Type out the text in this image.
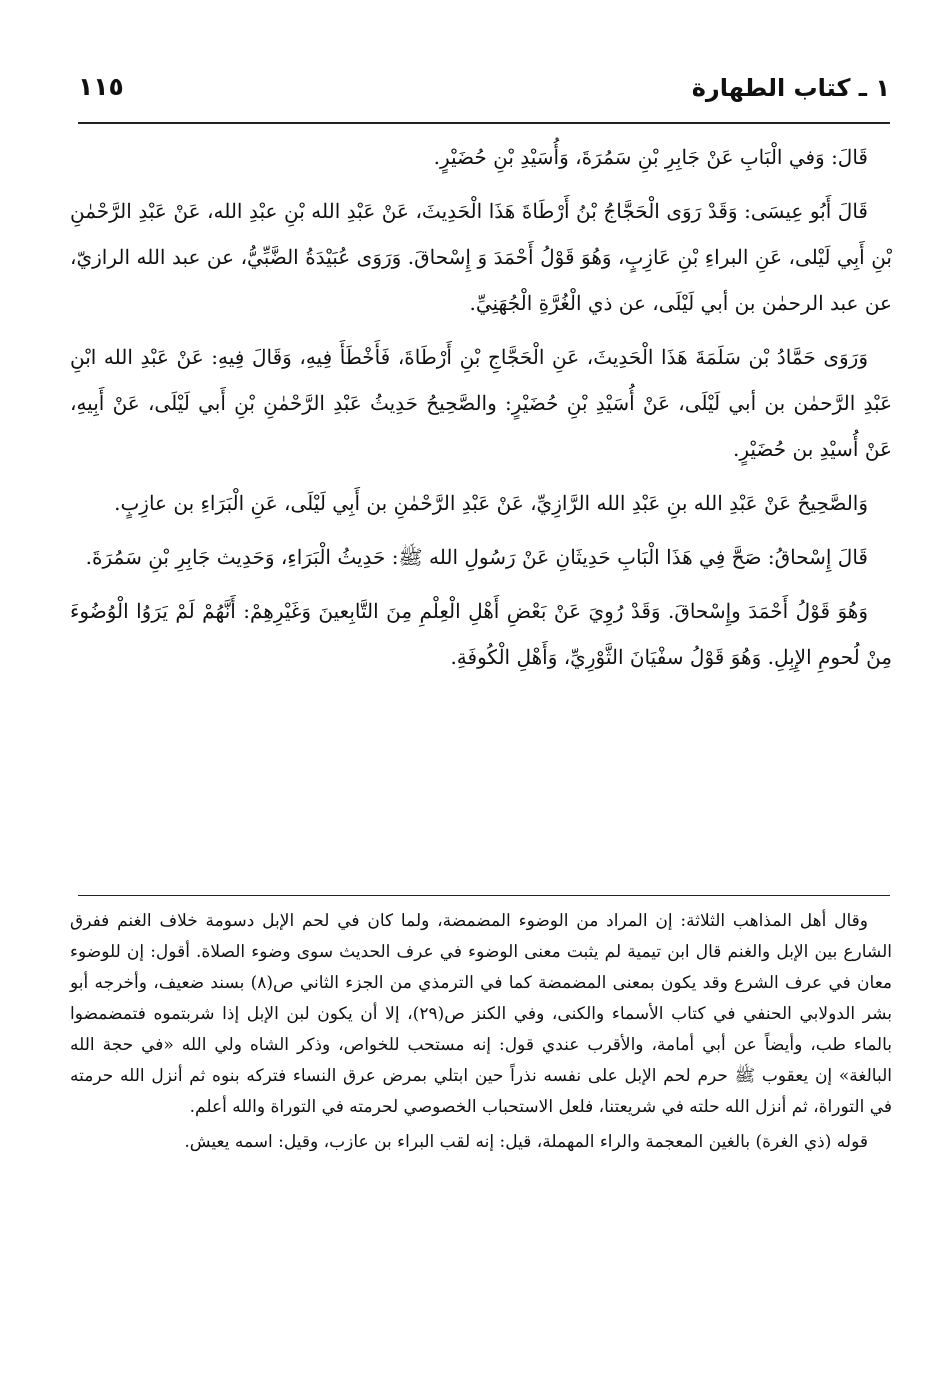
١ ـ كتاب الطهارة
١١٥

قَالَ: وَفي الْبَابِ عَنْ جَابِرِ بْنِ سَمُرَةَ، وَأُسَيْدِ بْنِ حُضَيْرٍ.

قَالَ أَبُو عِيسَى: وَقَدْ رَوَى الْحَجَّاجُ بْنُ أَرْطَاةَ هَذَا الْحَدِيثَ، عَنْ عَبْدِ الله بْنِ عبْدِ الله، عَنْ عَبْدِ الرَّحْمٰنِ بْنِ أَبِي لَيْلى، عَنِ البراءِ بْنِ عَازِبٍ، وَهُوَ قَوْلُ أَحْمَدَ وَ إِسْحاقَ. وَرَوَى عُبَيْدَةُ الضَّبِّيُّ، عن عبد الله الرازيّ، عن عبد الرحمٰن بن أبي لَيْلَى، عن ذي الْغُرَّةِ الْجُهَنِيِّ.

وَرَوَى حَمَّادُ بْن سَلَمَةَ هَذَا الْحَدِيثَ، عَنِ الْحَجَّاجِ بْنِ أَرْطَاةَ، فَأَخْطَأَ فِيهِ، وَقَالَ فِيهِ: عَنْ عَبْدِ الله ابْنِ عَبْدِ الرَّحمٰن بن أبي لَيْلَى، عَنْ أُسَيْدِ بْنِ حُضَيْرٍ: والصَّحِيحُ حَدِيثُ عَبْدِ الرَّحْمٰنِ بْنِ أَبي لَيْلَى، عَنْ أَبِيهِ، عَنْ أُسيْدِ بن حُضَيْرٍ.

وَالصَّحِيحُ عَنْ عَبْدِ الله بنِ عَبْدِ الله الرَّازِيِّ، عَنْ عَبْدِ الرَّحْمٰنِ بن أَبِي لَيْلَى، عَنِ الْبَرَاءِ بن عازِبٍ.

قَالَ إِسْحاقُ: صَحَّ فِي هَذَا الْبَابِ حَدِيثَانِ عَنْ رَسُولِ الله ﷺ: حَدِيثُ الْبَرَاءِ، وَحَدِيث جَابِرِ بْنِ سَمُرَةَ.

وَهُوَ قَوْلُ أَحْمَدَ وإِسْحاقَ. وَقَدْ رُوِيَ عَنْ بَعْضِ أَهْلِ الْعِلْمِ مِنَ التَّابِعينَ وَغَيْرِهِمْ: أَنَّهُمْ لَمْ يَرَوُا الْوُضُوءَ مِنْ لُحومِ الإِبِلِ. وَهُوَ قَوْلُ سفْيَانَ الثَّوْرِيِّ، وَأَهْلِ الْكُوفَةِ.

وقال أهل المذاهب الثلاثة: إن المراد من الوضوء المضمضة، ولما كان في لحم الإبل دسومة خلاف الغنم ففرق الشارع بين الإبل والغنم قال ابن تيمية لم يثبت معنى الوضوء في عرف الحديث سوى وضوء الصلاة. أقول: إن للوضوء معان في عرف الشرع وقد يكون بمعنى المضمضة كما في الترمذي من الجزء الثاني ص(٨) بسند ضعيف، وأخرجه أبو بشر الدولابي الحنفي في كتاب الأسماء والكنى، وفي الكنز ص(٢٩)، إلا أن يكون لبن الإبل إذا شربتموه فتمضمضوا بالماء طب، وأيضاً عن أبي أمامة، والأقرب عندي قول: إنه مستحب للخواص، وذكر الشاه ولي الله «في حجة الله البالغة» إن يعقوب ﷺ حرم لحم الإبل على نفسه نذراً حين ابتلي بمرض عرق النساء فتركه بنوه ثم أنزل الله حرمته في التوراة، ثم أنزل الله حلته في شريعتنا، فلعل الاستحباب الخصوصي لحرمته في التوراة والله أعلم.

قوله (ذي الغرة) بالغين المعجمة والراء المهملة، قيل: إنه لقب البراء بن عازب، وقيل: اسمه يعيش.
